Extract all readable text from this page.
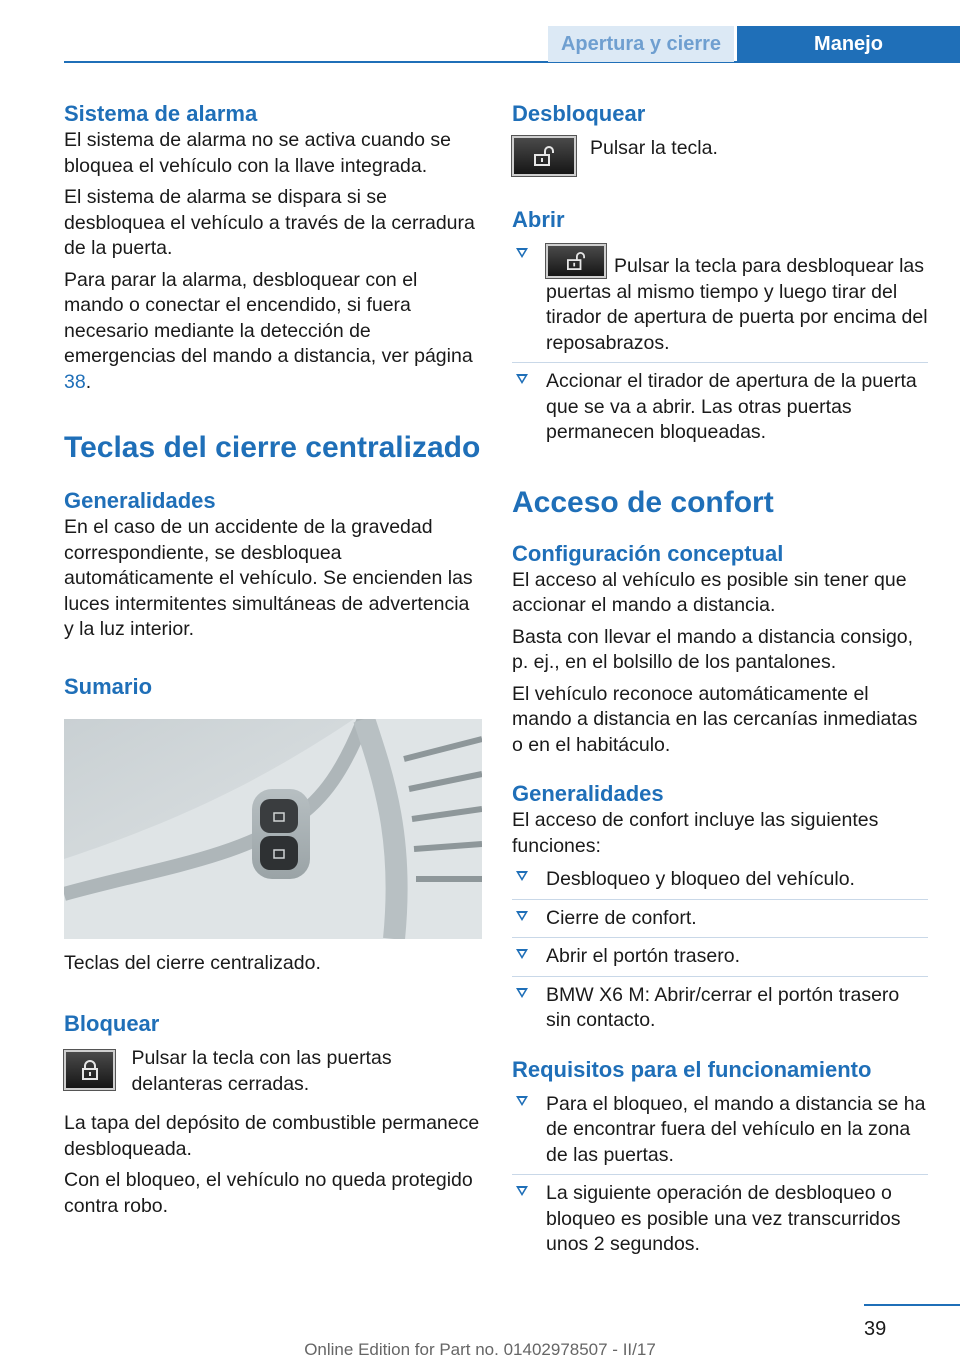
Apertura y cierre	Manejo
Sistema de alarma

El sistema de alarma no se activa cuando se bloquea el vehículo con la llave integrada.

El sistema de alarma se dispara si se desbloquea el vehículo a través de la cerradura de la puerta.

Para parar la alarma, desbloquear con el mando o conectar el encendido, si fuera necesario mediante la detección de emergencias del mando a distancia, ver página 38.

Teclas del cierre centralizado
Generalidades

En el caso de un accidente de la gravedad correspondiente, se desbloquea automáticamente el vehículo. Se encienden las luces intermitentes simultáneas de advertencia y la luz interior.

Sumario

Teclas del cierre centralizado.

Bloquear
Pulsar la tecla con las puertas delanteras cerradas.

La tapa del depósito de combustible permanece desbloqueada.

Con el bloqueo, el vehículo no queda protegido contra robo.

Desbloquear
Pulsar la tecla.
Abrir
Pulsar la tecla para desbloquear las puertas al mismo tiempo y luego tirar del tirador de apertura de puerta por encima del reposabrazos.
Accionar el tirador de apertura de la puerta que se va a abrir. Las otras puertas permanecen bloqueadas.
Acceso de confort
Configuración conceptual

El acceso al vehículo es posible sin tener que accionar el mando a distancia.

Basta con llevar el mando a distancia consigo, p. ej., en el bolsillo de los pantalones.

El vehículo reconoce automáticamente el mando a distancia en las cercanías inmediatas o en el habitáculo.

Generalidades

El acceso de confort incluye las siguientes funciones:

Desbloqueo y bloqueo del vehículo.
Cierre de confort.
Abrir el portón trasero.
BMW X6 M: Abrir/cerrar el portón trasero sin contacto.
Requisitos para el funcionamiento
Para el bloqueo, el mando a distancia se ha de encontrar fuera del vehículo en la zona de las puertas.
La siguiente operación de desbloqueo o bloqueo es posible una vez transcurridos unos 2 segundos.
39
Online Edition for Part no. 01402978507 - II/17
